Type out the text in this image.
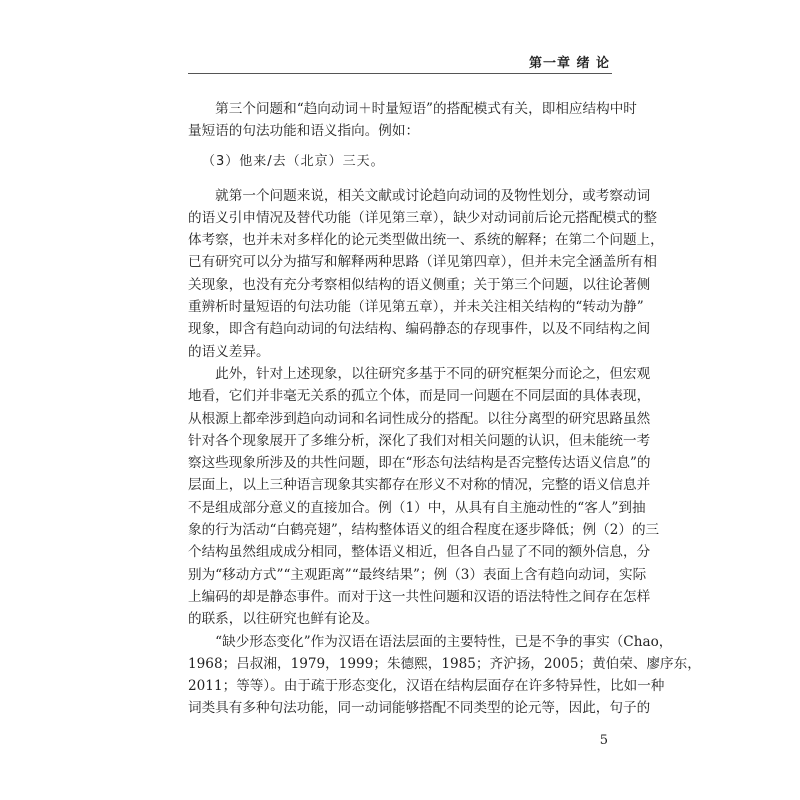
第一章 绪 论

　　第三个问题和“趋向动词＋时量短语”的搭配模式有关，即相应结构中时
量短语的句法功能和语义指向。例如：

（3）他来/去（北京）三天。

　　就第一个问题来说，相关文献或讨论趋向动词的及物性划分，或考察动词
的语义引申情况及替代功能（详见第三章），缺少对动词前后论元搭配模式的整
体考察，也并未对多样化的论元类型做出统一、系统的解释；在第二个问题上，
已有研究可以分为描写和解释两种思路（详见第四章），但并未完全涵盖所有相
关现象，也没有充分考察相似结构的语义侧重；关于第三个问题，以往论著侧
重辨析时量短语的句法功能（详见第五章），并未关注相关结构的“转动为静”
现象，即含有趋向动词的句法结构、编码静态的存现事件，以及不同结构之间
的语义差异。

　　此外，针对上述现象，以往研究多基于不同的研究框架分而论之，但宏观
地看，它们并非毫无关系的孤立个体，而是同一问题在不同层面的具体表现，
从根源上都牵涉到趋向动词和名词性成分的搭配。以往分离型的研究思路虽然
针对各个现象展开了多维分析，深化了我们对相关问题的认识，但未能统一考
察这些现象所涉及的共性问题，即在“形态句法结构是否完整传达语义信息”的
层面上，以上三种语言现象其实都存在形义不对称的情况，完整的语义信息并
不是组成部分意义的直接加合。例（1）中，从具有自主施动性的“客人”到抽
象的行为活动“白鹤亮翅”，结构整体语义的组合程度在逐步降低；例（2）的三
个结构虽然组成成分相同，整体语义相近，但各自凸显了不同的额外信息，分
别为“移动方式”“主观距离”“最终结果”；例（3）表面上含有趋向动词，实际
上编码的却是静态事件。而对于这一共性问题和汉语的语法特性之间存在怎样
的联系，以往研究也鲜有论及。

　　“缺少形态变化”作为汉语在语法层面的主要特性，已是不争的事实（Chao，
1968；吕叔湘，1979，1999；朱德熙，1985；齐沪扬，2005；黄伯荣、廖序东，
2011；等等）。由于疏于形态变化，汉语在结构层面存在许多特异性，比如一种
词类具有多种句法功能，同一动词能够搭配不同类型的论元等，因此，句子的

5
